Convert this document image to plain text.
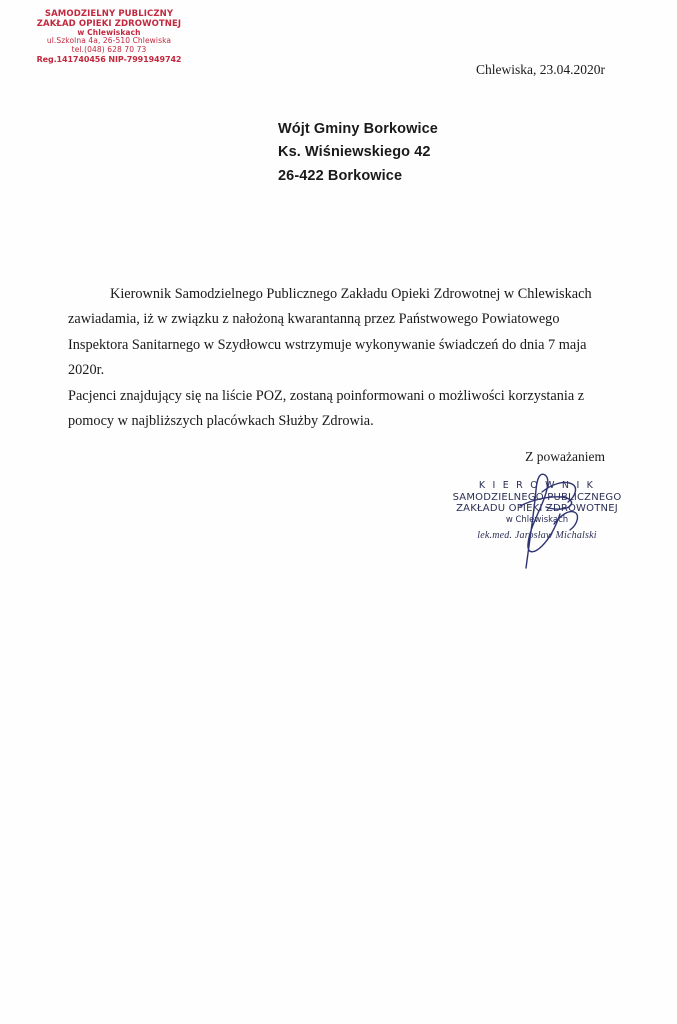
SAMODZIELNY PUBLICZNY
ZAKŁAD OPIEKI ZDROWOTNEJ
w Chlewiskach
ul.Szkolna 4a, 26-510 Chlewiska
tel.(048) 628 70 73
Reg.141740456 NIP-7991949742
Chlewiska, 23.04.2020r
Wójt Gminy Borkowice
Ks. Wiśniewskiego 42
26-422 Borkowice

Kierownik Samodzielnego Publicznego Zakładu Opieki Zdrowotnej w Chlewiskach zawiadamia, iż w związku z nałożoną kwarantanną przez Państwowego Powiatowego Inspektora Sanitarnego w Szydłowcu wstrzymuje wykonywanie świadczeń do dnia 7 maja 2020r.

Pacjenci znajdujący się na liście POZ, zostaną poinformowani o możliwości korzystania z pomocy w najbliższych placówkach Służby Zdrowia.

Z poważaniem
K I E R O W N I K
SAMODZIELNEGO PUBLICZNEGO
ZAKŁADU OPIEKI ZDROWOTNEJ
w Chlewiskach
lek.med. Jarosław Michalski
